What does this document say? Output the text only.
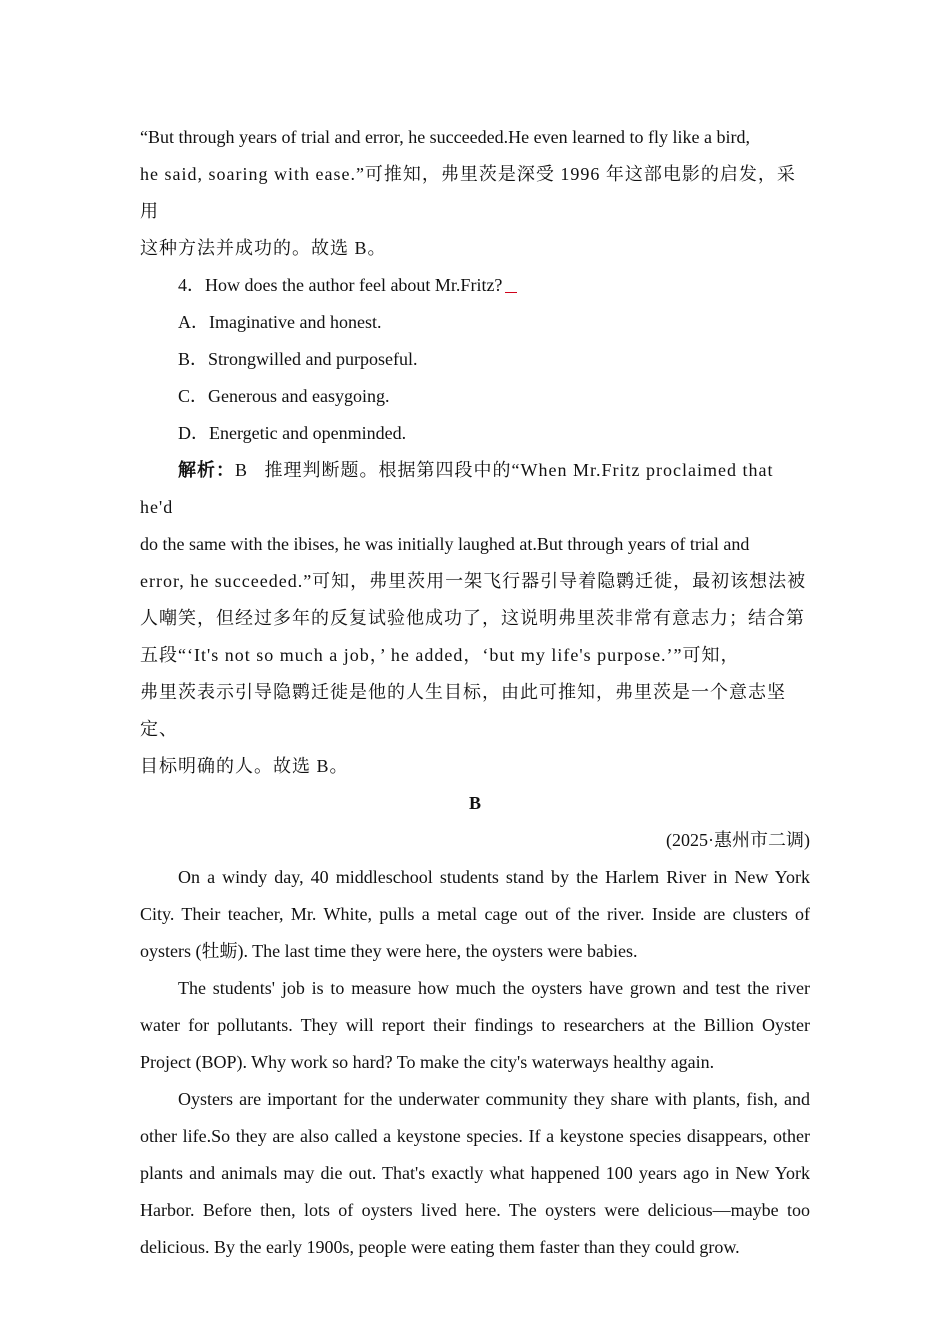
“But through years of trial and error, he succeeded.He even learned to fly like a bird,

he said, soaring with ease.”可推知，弗里茨是深受 1996 年这部电影的启发，采用

这种方法并成功的。故选 B。

4．How does the author feel about Mr.Fritz?

A．Imaginative and honest.

B．Strongwilled and purposeful.

C．Generous and easygoing.

D．Energetic and openminded.

解析：B 推理判断题。根据第四段中的“When Mr.Fritz proclaimed that he'd

do the same with the ibises, he was initially laughed at.But through years of trial and

error, he succeeded.”可知，弗里茨用一架飞行器引导着隐鹮迁徙，最初该想法被

人嘲笑，但经过多年的反复试验他成功了，这说明弗里茨非常有意志力；结合第

五段“‘It's not so much a job，’ he added，‘but my life's purpose.’”可知，

弗里茨表示引导隐鹮迁徙是他的人生目标，由此可推知，弗里茨是一个意志坚定、

目标明确的人。故选 B。

B

(2025·惠州市二调)

On a windy day, 40 middleschool students stand by the Harlem River in New York City. Their teacher, Mr. White, pulls a metal cage out of the river. Inside are clusters of oysters (牡蛎). The last time they were here, the oysters were babies.

The students' job is to measure how much the oysters have grown and test the river water for pollutants. They will report their findings to researchers at the Billion Oyster Project (BOP). Why work so hard? To make the city's waterways healthy again.

Oysters are important for the underwater community they share with plants, fish, and other life.So they are also called a keystone species. If a keystone species disappears, other plants and animals may die out. That's exactly what happened 100 years ago in New York Harbor. Before then, lots of oysters lived here. The oysters were delicious—maybe too delicious. By the early 1900s, people were eating them faster than they could grow.
